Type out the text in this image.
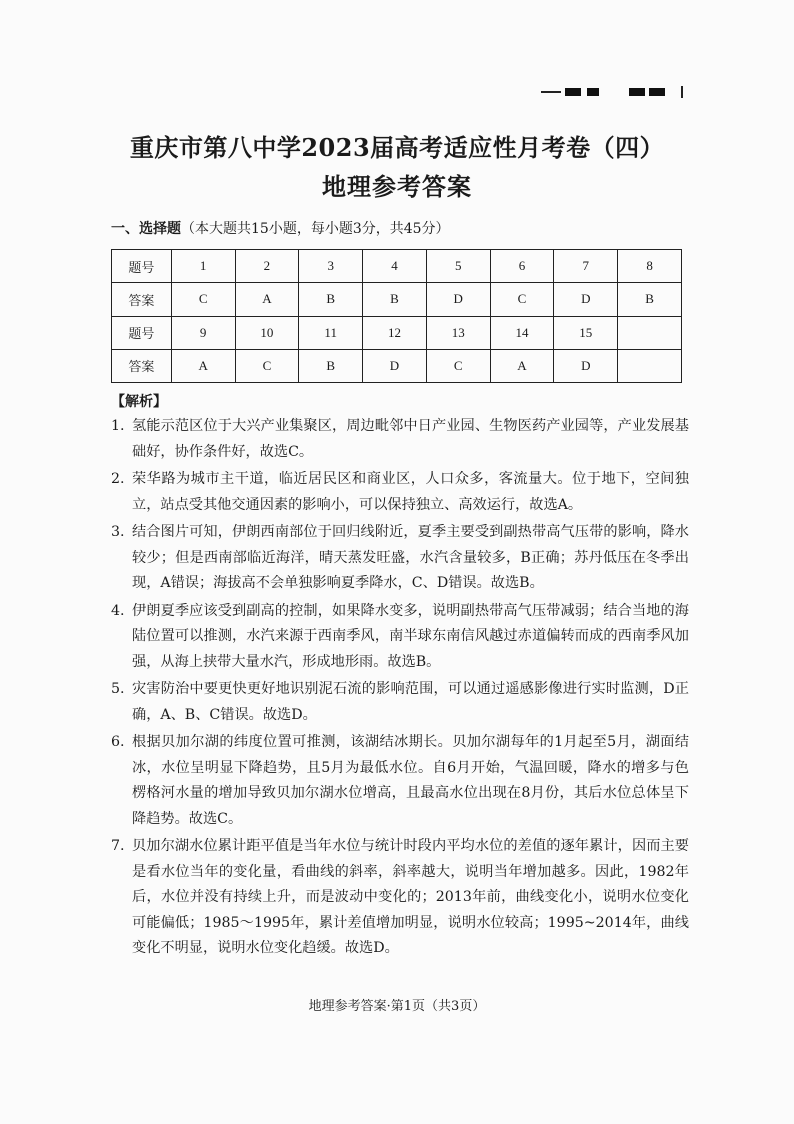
重庆市第八中学2023届高考适应性月考卷（四）
地理参考答案
一、选择题（本大题共15小题，每小题3分，共45分）
题号	1	2	3	4	5	6	7	8
答案	C	A	B	B	D	C	D	B
题号	9	10	11	12	13	14	15	
答案	A	C	B	D	C	A	D	
【解析】
1. 氢能示范区位于大兴产业集聚区，周边毗邻中日产业园、生物医药产业园等，产业发展基础好，协作条件好，故选C。
2. 荣华路为城市主干道，临近居民区和商业区，人口众多，客流量大。位于地下，空间独立，站点受其他交通因素的影响小，可以保持独立、高效运行，故选A。
3. 结合图片可知，伊朗西南部位于回归线附近，夏季主要受到副热带高气压带的影响，降水较少；但是西南部临近海洋，晴天蒸发旺盛，水汽含量较多，B正确；苏丹低压在冬季出现，A错误；海拔高不会单独影响夏季降水，C、D错误。故选B。
4. 伊朗夏季应该受到副高的控制，如果降水变多，说明副热带高气压带减弱；结合当地的海陆位置可以推测，水汽来源于西南季风，南半球东南信风越过赤道偏转而成的西南季风加强，从海上挟带大量水汽，形成地形雨。故选B。
5. 灾害防治中要更快更好地识别泥石流的影响范围，可以通过遥感影像进行实时监测，D正确，A、B、C错误。故选D。
6. 根据贝加尔湖的纬度位置可推测，该湖结冰期长。贝加尔湖每年的1月起至5月，湖面结冰，水位呈明显下降趋势，且5月为最低水位。自6月开始，气温回暖，降水的增多与色楞格河水量的增加导致贝加尔湖水位增高，且最高水位出现在8月份，其后水位总体呈下降趋势。故选C。
7. 贝加尔湖水位累计距平值是当年水位与统计时段内平均水位的差值的逐年累计，因而主要是看水位当年的变化量，看曲线的斜率，斜率越大，说明当年增加越多。因此，1982年后，水位并没有持续上升，而是波动中变化的；2013年前，曲线变化小，说明水位变化可能偏低；1985～1995年，累计差值增加明显，说明水位较高；1995~2014年，曲线变化不明显，说明水位变化趋缓。故选D。
地理参考答案·第1页（共3页）
